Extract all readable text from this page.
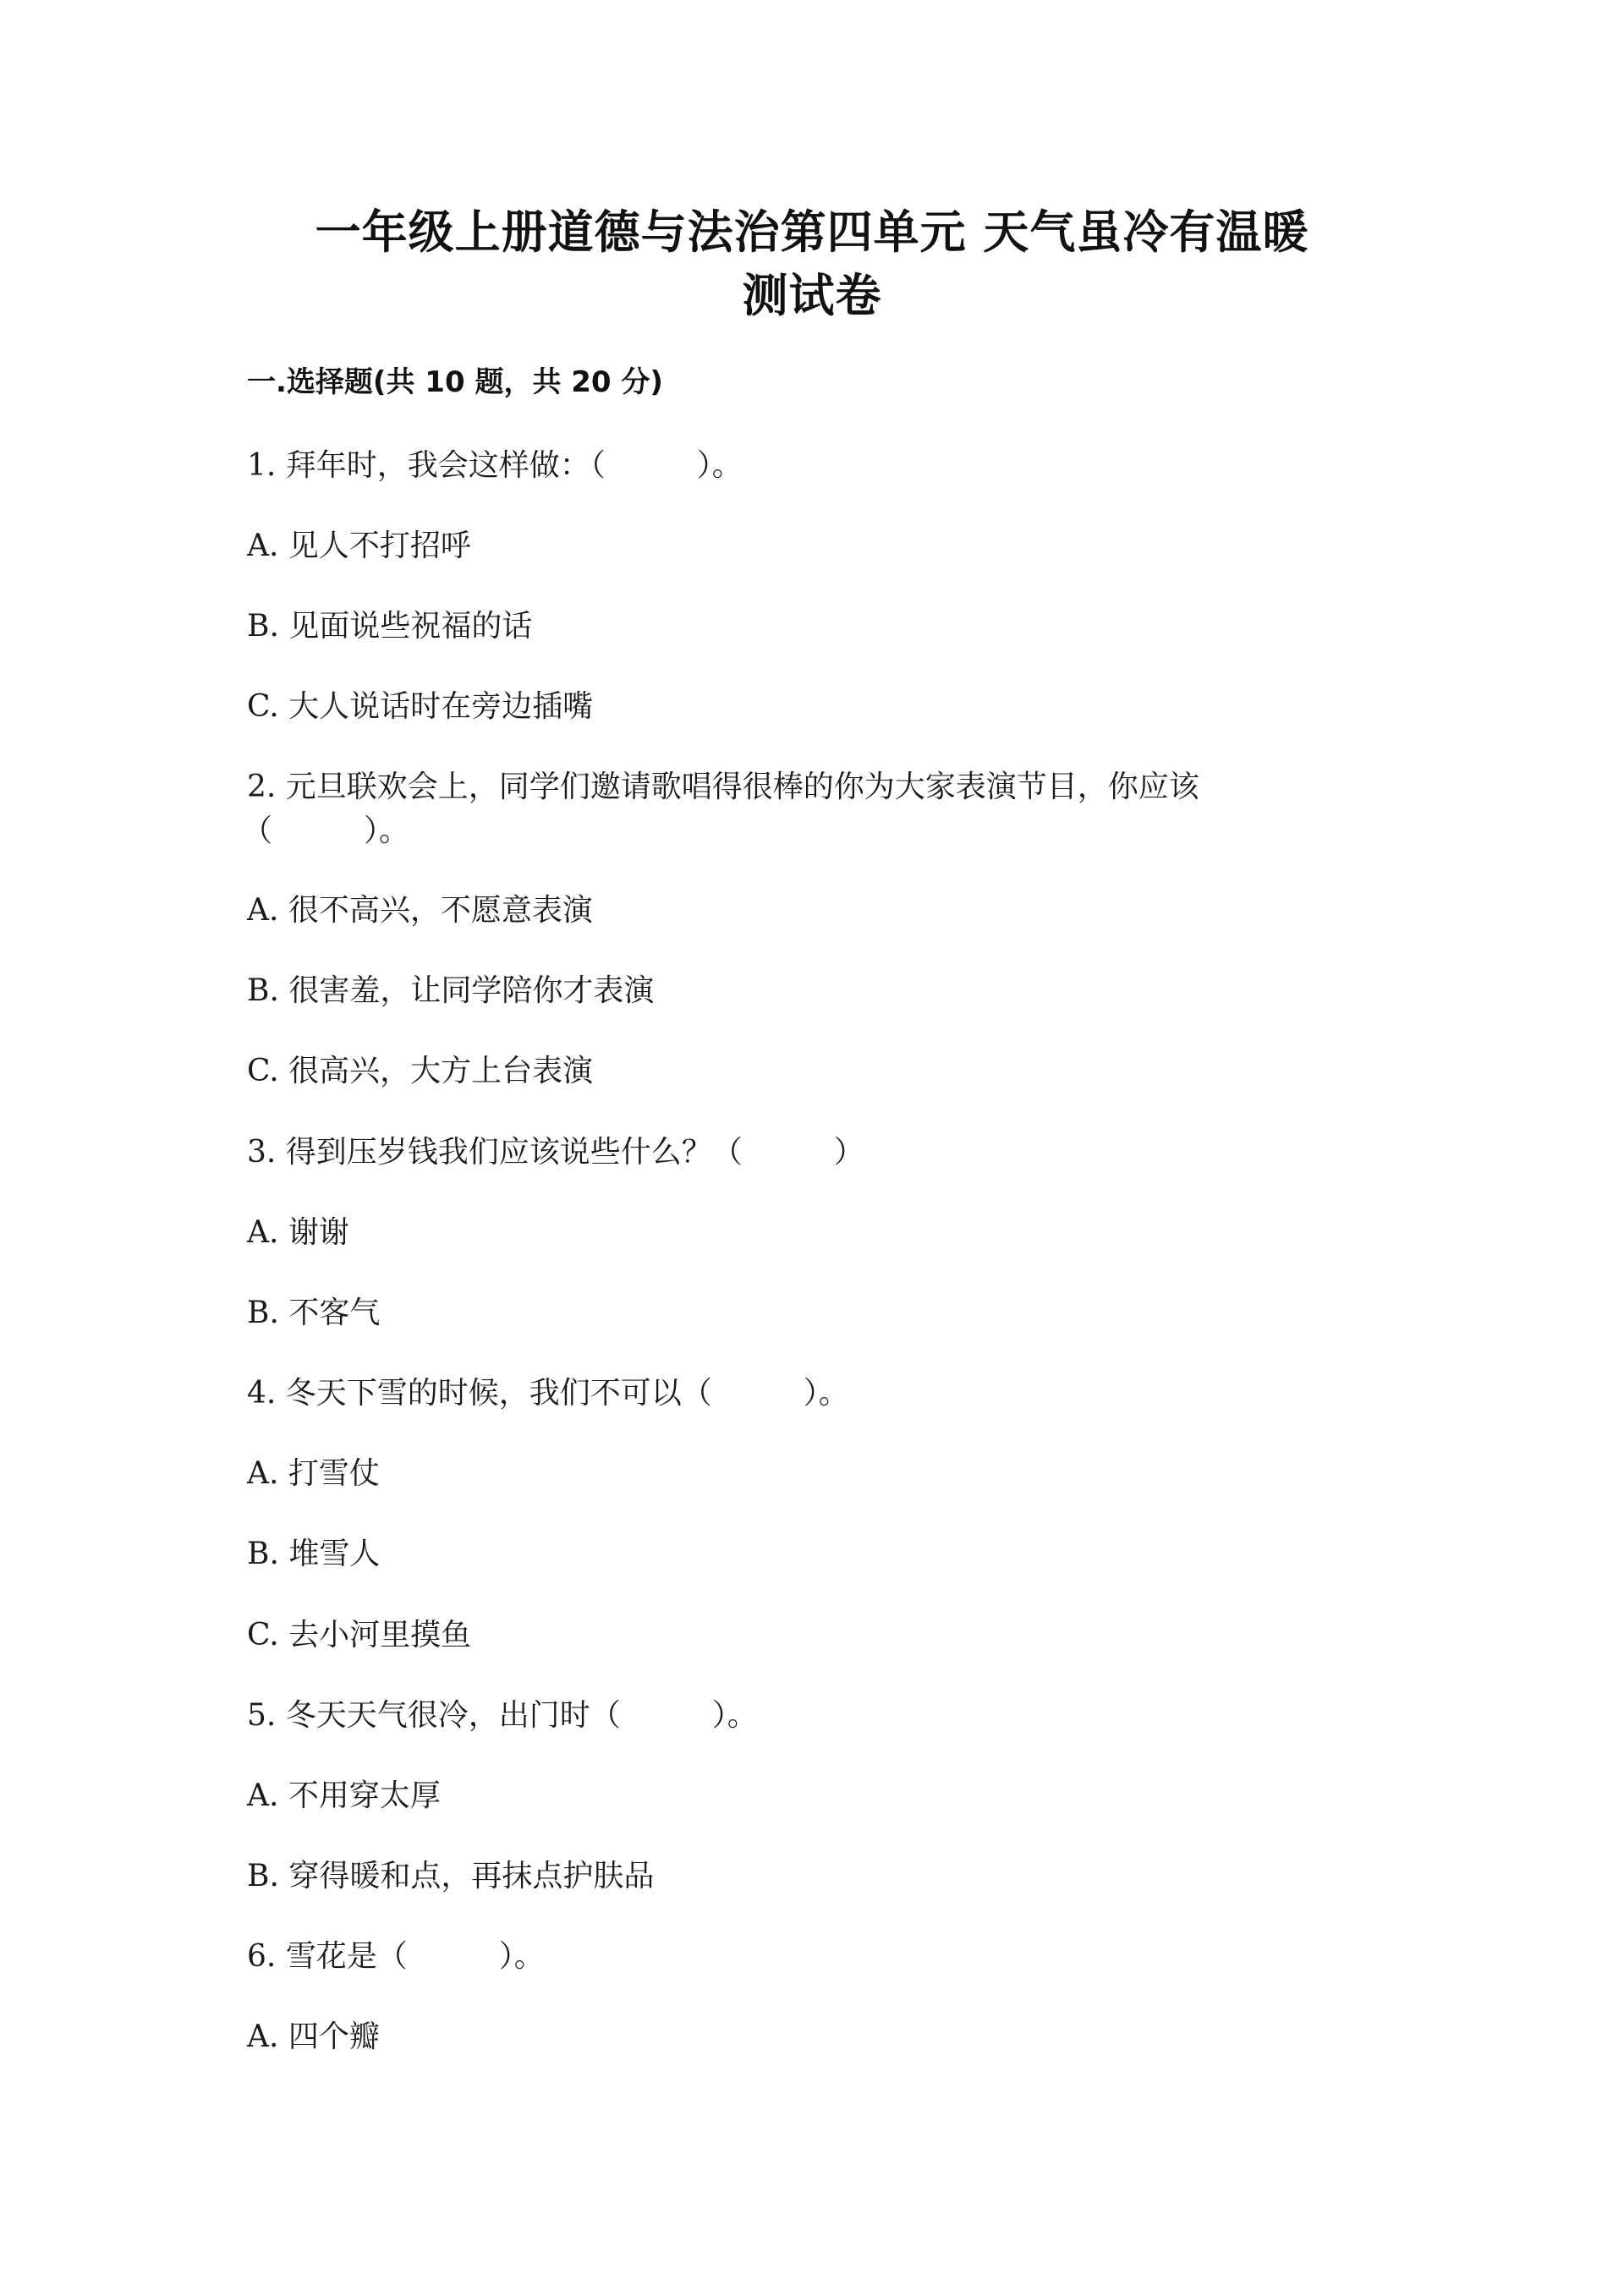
一年级上册道德与法治第四单元 天气虽冷有温暖
测试卷
一.选择题(共 10 题，共 20 分)
1. 拜年时，我会这样做：（　　　）。
A. 见人不打招呼
B. 见面说些祝福的话
C. 大人说话时在旁边插嘴
2. 元旦联欢会上，同学们邀请歌唱得很棒的你为大家表演节目，你应该
（　　　）。
A. 很不高兴，不愿意表演
B. 很害羞，让同学陪你才表演
C. 很高兴，大方上台表演
3. 得到压岁钱我们应该说些什么？（　　　）
A. 谢谢
B. 不客气
4. 冬天下雪的时候，我们不可以（　　　）。
A. 打雪仗
B. 堆雪人
C. 去小河里摸鱼
5. 冬天天气很冷，出门时（　　　）。
A. 不用穿太厚
B. 穿得暖和点，再抹点护肤品
6. 雪花是（　　　）。
A. 四个瓣
